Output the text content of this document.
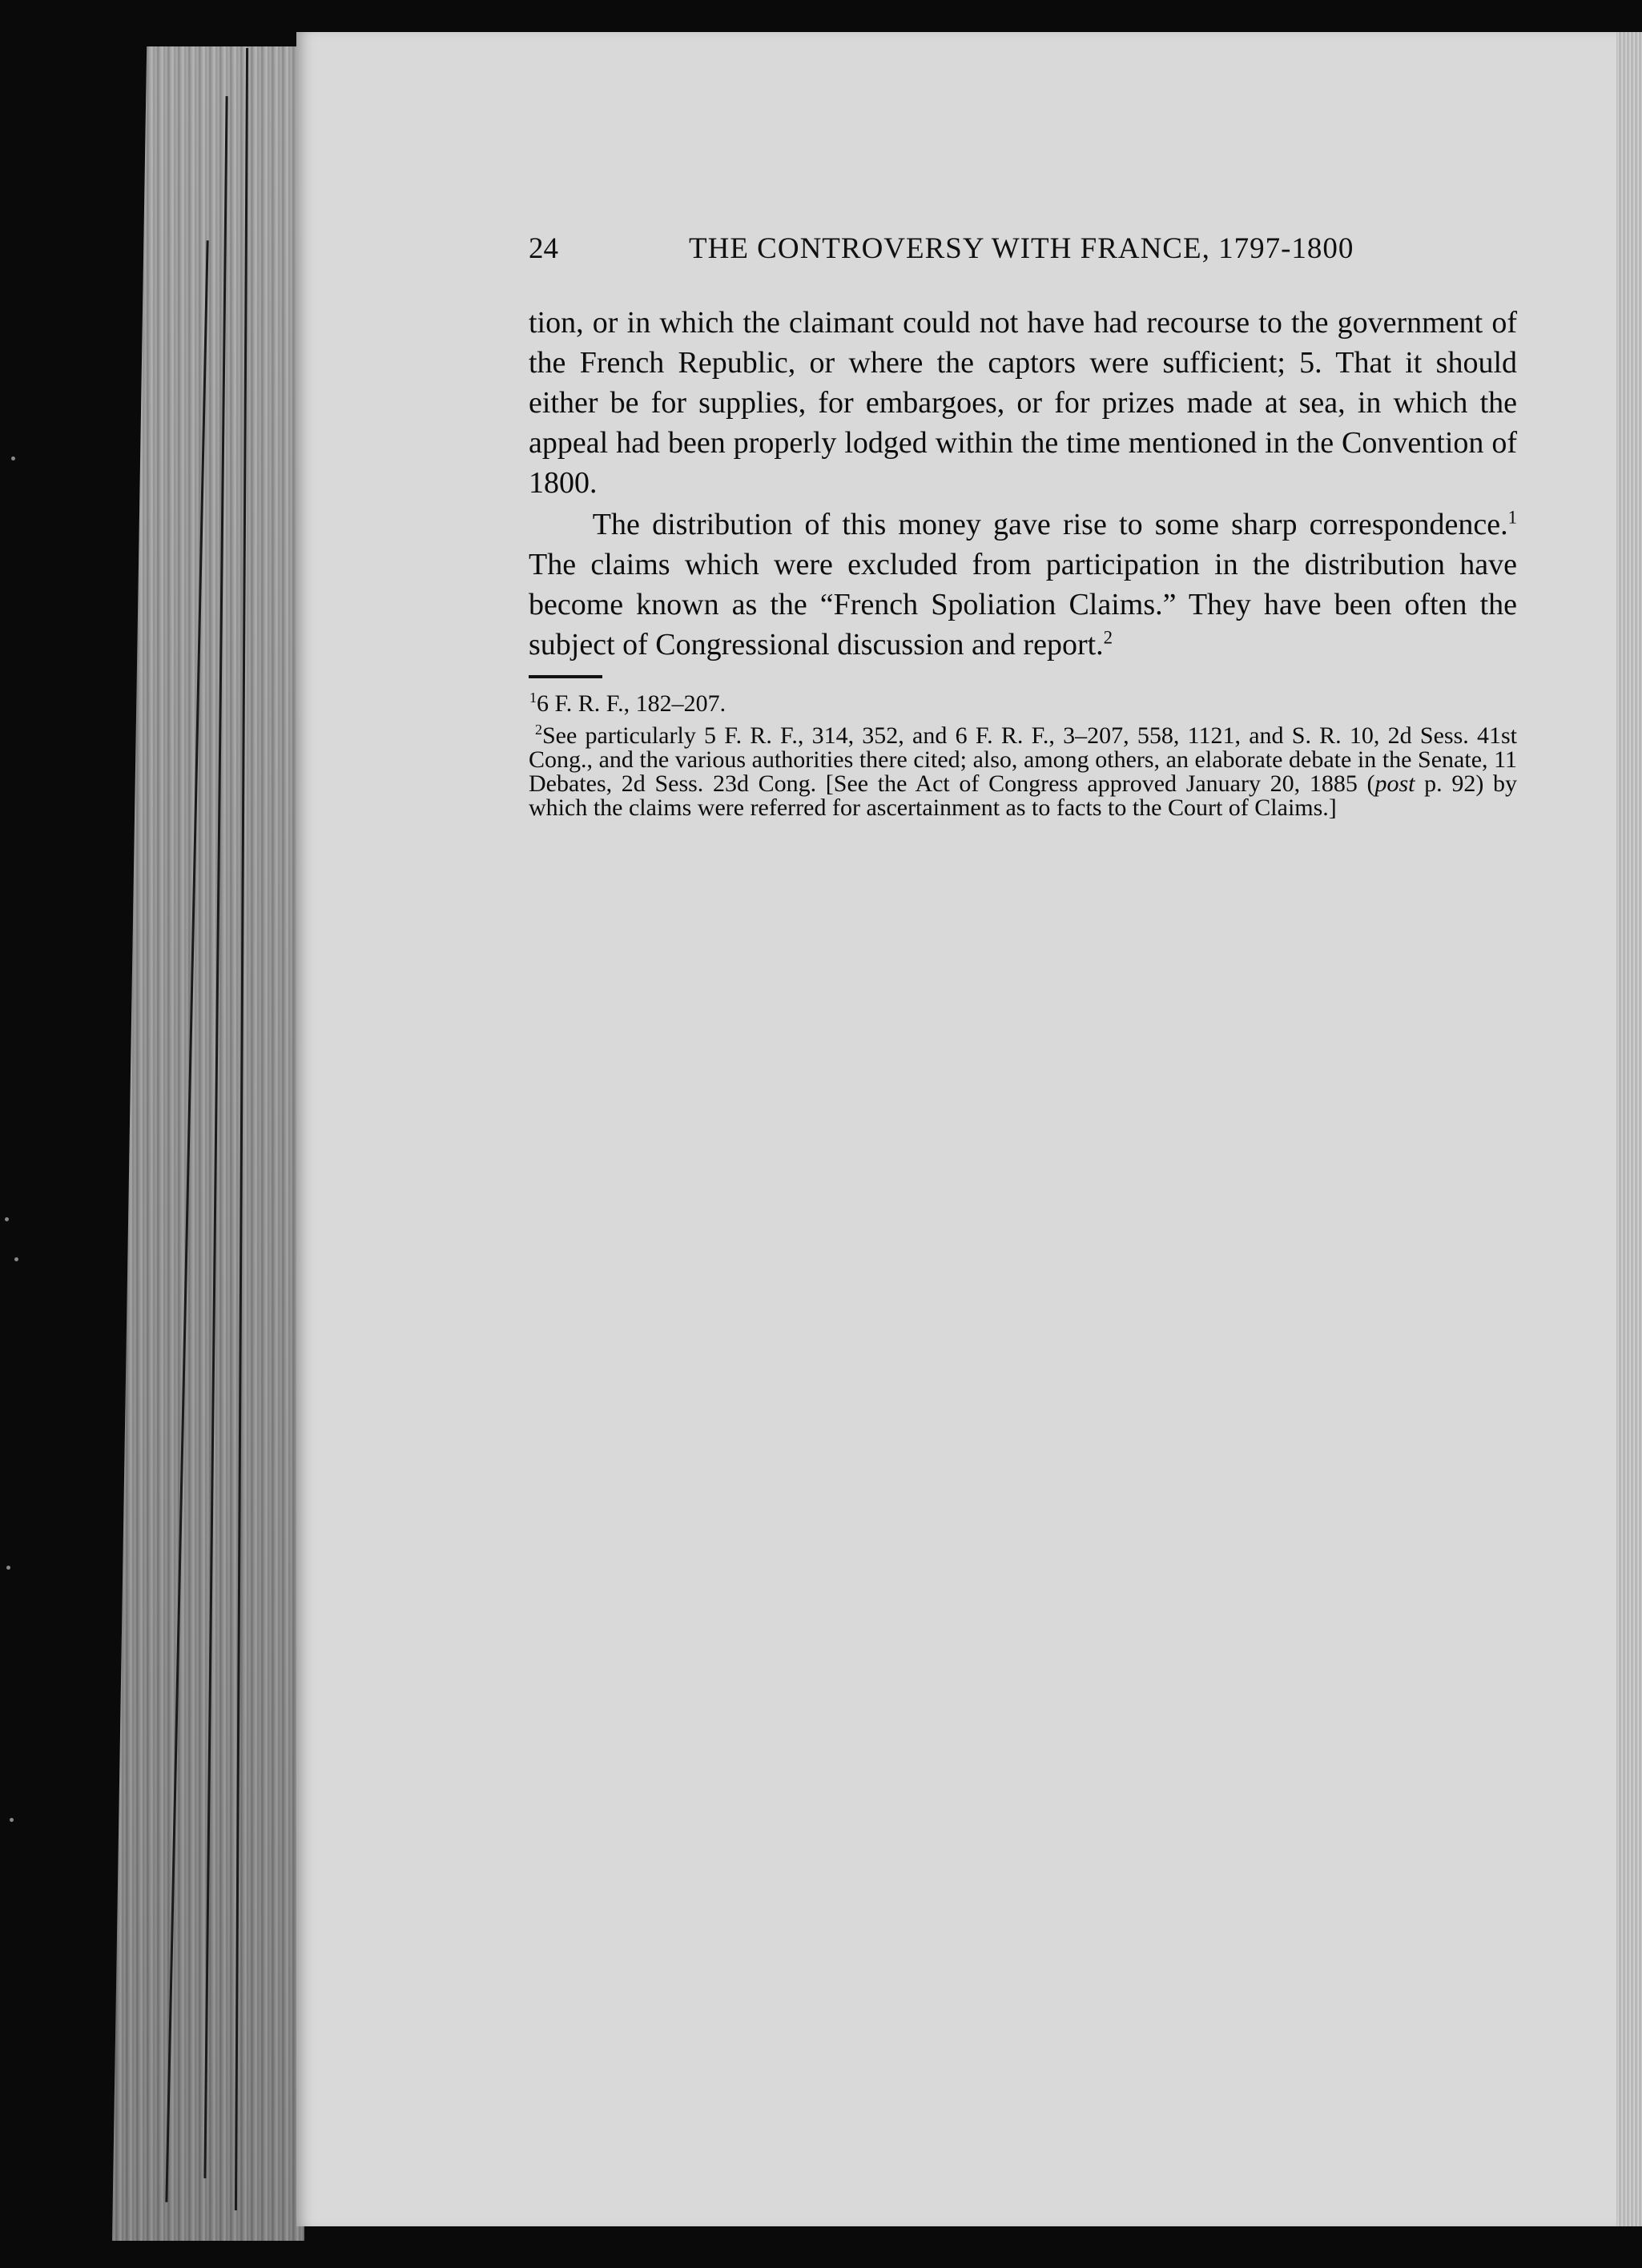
24	THE CONTROVERSY WITH FRANCE, 1797-1800

tion, or in which the claimant could not have had recourse to the government of the French Republic, or where the captors were sufficient; 5. That it should either be for supplies, for embargoes, or for prizes made at sea, in which the appeal had been properly lodged within the time mentioned in the Convention of 1800.

The distribution of this money gave rise to some sharp correspondence.$^1$ The claims which were excluded from participation in the distribution have become known as the “French Spoliation Claims.” They have been often the subject of Congressional discussion and report.$^2$

$^1$6 F. R. F., 182–207.

$^2$See particularly 5 F. R. F., 314, 352, and 6 F. R. F., 3–207, 558, 1121, and S. R. 10, 2d Sess. 41st Cong., and the various authorities there cited; also, among others, an elaborate debate in the Senate, 11 Debates, 2d Sess. 23d Cong. [See the Act of Congress approved January 20, 1885 (post p. 92) by which the claims were referred for ascertainment as to facts to the Court of Claims.]
